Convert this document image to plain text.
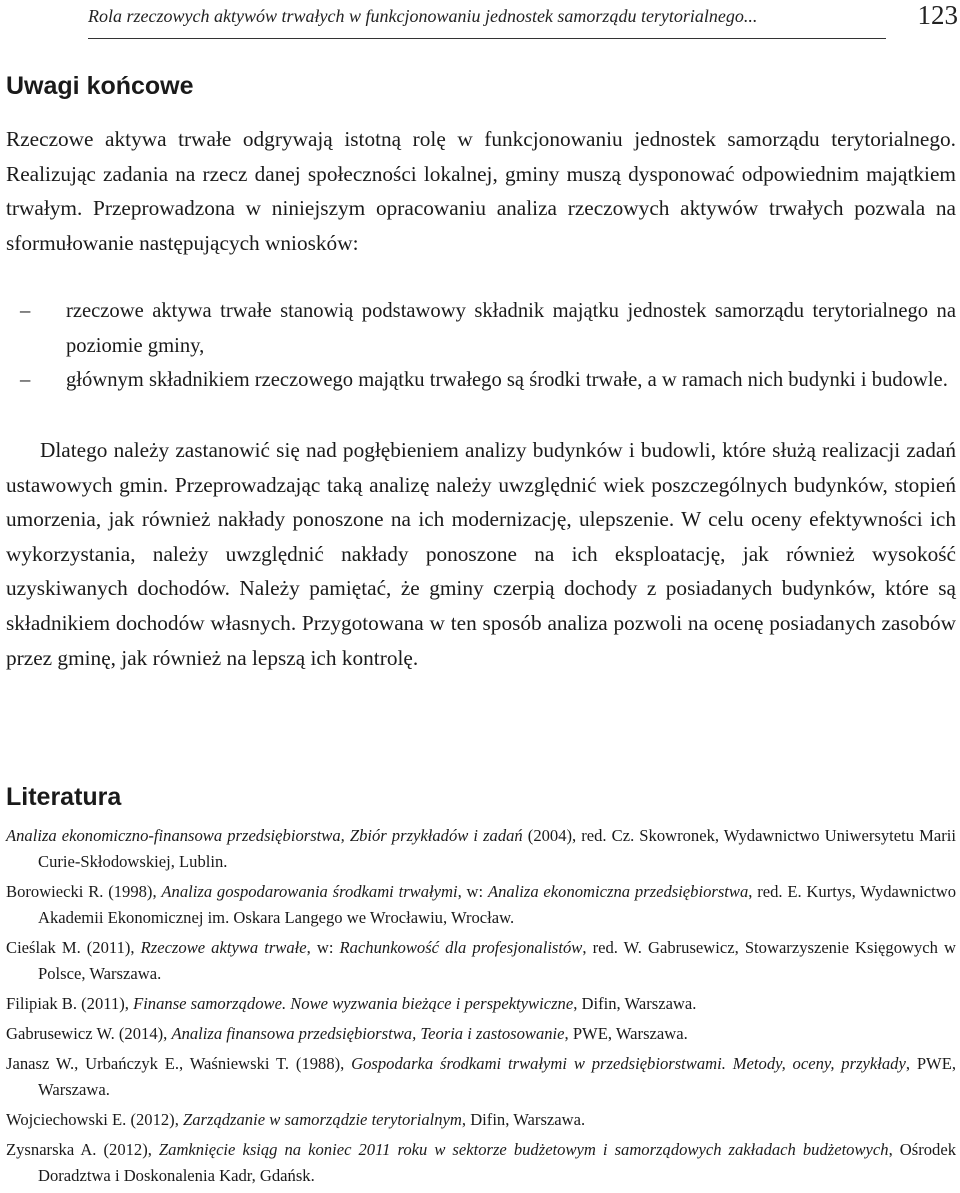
Rola rzeczowych aktywów trwałych w funkcjonowaniu jednostek samorządu terytorialnego...	123
Uwagi końcowe

Rzeczowe aktywa trwałe odgrywają istotną rolę w funkcjonowaniu jednostek samorządu terytorialnego. Realizując zadania na rzecz danej społeczności lokalnej, gminy muszą dysponować odpowiednim majątkiem trwałym. Przeprowadzona w niniejszym opracowaniu analiza rzeczowych aktywów trwałych pozwala na sformułowanie następujących wniosków:

– rzeczowe aktywa trwałe stanowią podstawowy składnik majątku jednostek samorządu terytorialnego na poziomie gminy,
– głównym składnikiem rzeczowego majątku trwałego są środki trwałe, a w ramach nich budynki i budowle.

Dlatego należy zastanowić się nad pogłębieniem analizy budynków i budowli, które służą realizacji zadań ustawowych gmin. Przeprowadzając taką analizę należy uwzględnić wiek poszczególnych budynków, stopień umorzenia, jak również nakłady ponoszone na ich modernizację, ulepszenie. W celu oceny efektywności ich wykorzystania, należy uwzględnić nakłady ponoszone na ich eksploatację, jak również wysokość uzyskiwanych dochodów. Należy pamiętać, że gminy czerpią dochody z posiadanych budynków, które są składnikiem dochodów własnych. Przygotowana w ten sposób analiza pozwoli na ocenę posiadanych zasobów przez gminę, jak również na lepszą ich kontrolę.

Literatura
Analiza ekonomiczno-finansowa przedsiębiorstwa, Zbiór przykładów i zadań (2004), red. Cz. Skowronek, Wydawnictwo Uniwersytetu Marii Curie-Skłodowskiej, Lublin.
Borowiecki R. (1998), Analiza gospodarowania środkami trwałymi, w: Analiza ekonomiczna przedsiębiorstwa, red. E. Kurtys, Wydawnictwo Akademii Ekonomicznej im. Oskara Langego we Wrocławiu, Wrocław.
Cieślak M. (2011), Rzeczowe aktywa trwałe, w: Rachunkowość dla profesjonalistów, red. W. Gabrusewicz, Stowarzyszenie Księgowych w Polsce, Warszawa.
Filipiak B. (2011), Finanse samorządowe. Nowe wyzwania bieżące i perspektywiczne, Difin, Warszawa.
Gabrusewicz W. (2014), Analiza finansowa przedsiębiorstwa, Teoria i zastosowanie, PWE, Warszawa.
Janasz W., Urbańczyk E., Waśniewski T. (1988), Gospodarka środkami trwałymi w przedsiębiorstwami. Metody, oceny, przykłady, PWE, Warszawa.
Wojciechowski E. (2012), Zarządzanie w samorządzie terytorialnym, Difin, Warszawa.
Zysnarska A. (2012), Zamknięcie ksiąg na koniec 2011 roku w sektorze budżetowym i samorządowych zakładach budżetowych, Ośrodek Doradztwa i Doskonalenia Kadr, Gdańsk.
